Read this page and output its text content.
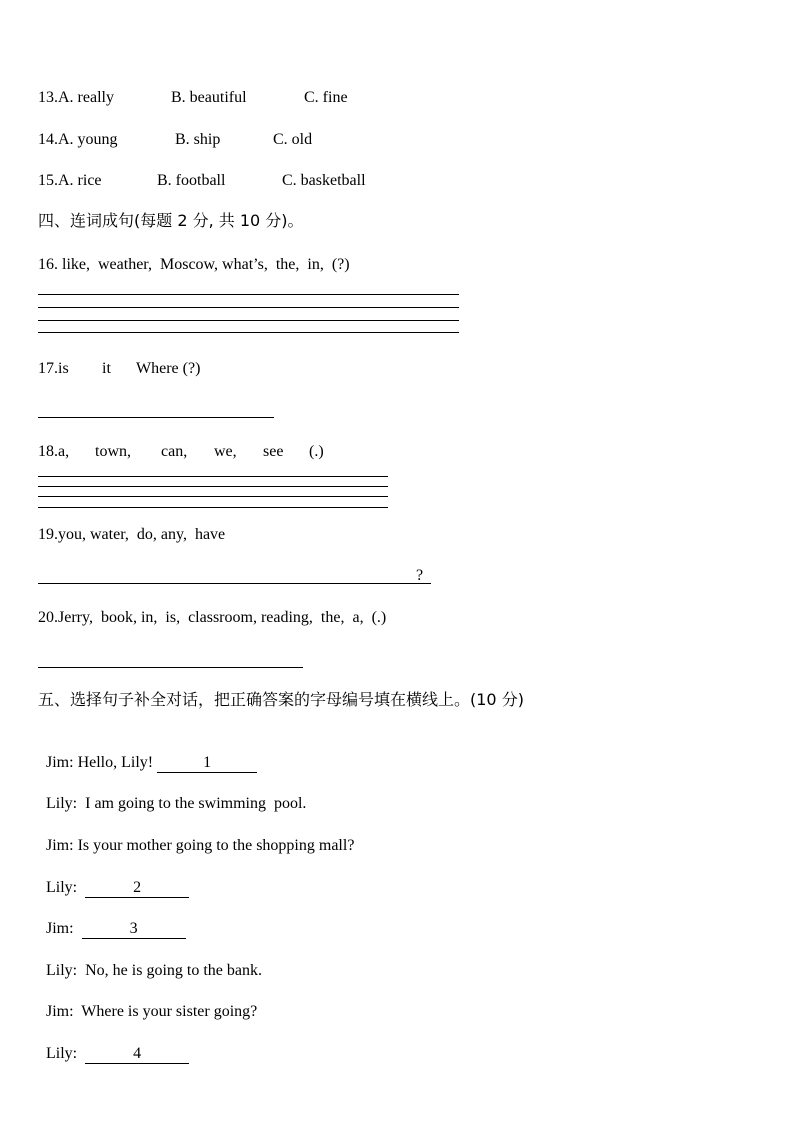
13.A. really	B. beautiful	C. fine
14.A. young	B. ship	C. old
15.A. rice	B. football	C. basketball
四、连词成句(每题 2 分, 共 10 分)。
16. like,  weather,  Moscow, what’s,  the,  in,  (?)
17.is it Where (?)
18.a, town, can, we, see (.)
19.you, water,  do, any,  have
?
20.Jerry,  book, in,  is,  classroom, reading,  the,  a,  (.)
五、选择句子补全对话，把正确答案的字母编号填在横线上。(10 分)

Jim: Hello, Lily!	1

Lily: I am going to the swimming  pool.

Jim: Is your mother going to the shopping mall?

Lily:	2

Jim:	3

Lily: No, he is going to the bank.

Jim: Where is your sister going?

Lily:	4
